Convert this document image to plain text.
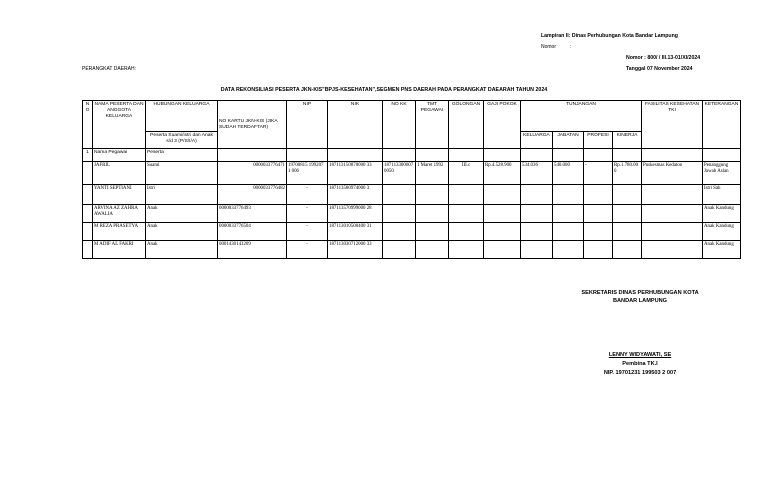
Lampiran II: Dinas Perhubungan Kota Bandar Lampung
Nomor	:
Nomor : 800/ / III.13-01/XI/2024
Tanggal 07 November 2024
PERANGKAT DAERAH:
DATA REKONSILIASI PESERTA JKN-KIS"BPJS-KESEHATAN",SEGMEN PNS DAERAH PADA PERANGKAT DAEARAH TAHUN 2024
NO	NAMA PESERTA DAN ANGGOTA KELUARGA	HUBUNGAN KELUARGA	NO KARTU JKN-KIS (JIKA SUDAH TERDAFTAR)	NIP	NIK	NO KK	TMT PEGAWAI	GOLONGAN	GAJI POKOK	TUNJANGAN				FASILITAS KESEHATAN TKI	KETERANGAN
		Peserta Suami/istri dan Anak s/d 3 (P/S/I/A)								KELUARGA	JABATAN	PROFESI	KINERJA		
1	Nama Pegawai	Peserta													
	JAFRIL	Suami	0000033776471	19700815 199207 1 006	187113150870000 33	187113300607 0050	1 Maret 1992	III.c	Rp.4.528.900	534.036	540.000	-	Rp.1.780.000	Puskesmas Kedaton	Penanggung Jawab Aslan
	YANTI SEPTIANI	Istri	0000033776482	-	187113580974000 3										Istri Sah
	ARVINA AZ ZAHRA AWALIA	Anak	0000033776493	-	187113570999000 28										Anak Kandung
	M REZA PRASETYA	Anak	0000033776504	-	187113010500400 31										Anak Kandung
	M ADIF AL FAKRI	Anak	0001430143209	-	187113030712000 33										Anak Kandung
SEKRETARIS DINAS PERHUBUNGAN KOTA
BANDAR LAMPUNG
LENNY WIDYAWATI, SE
Pembina TK.I
NIP. 19701231 199503 2 007
